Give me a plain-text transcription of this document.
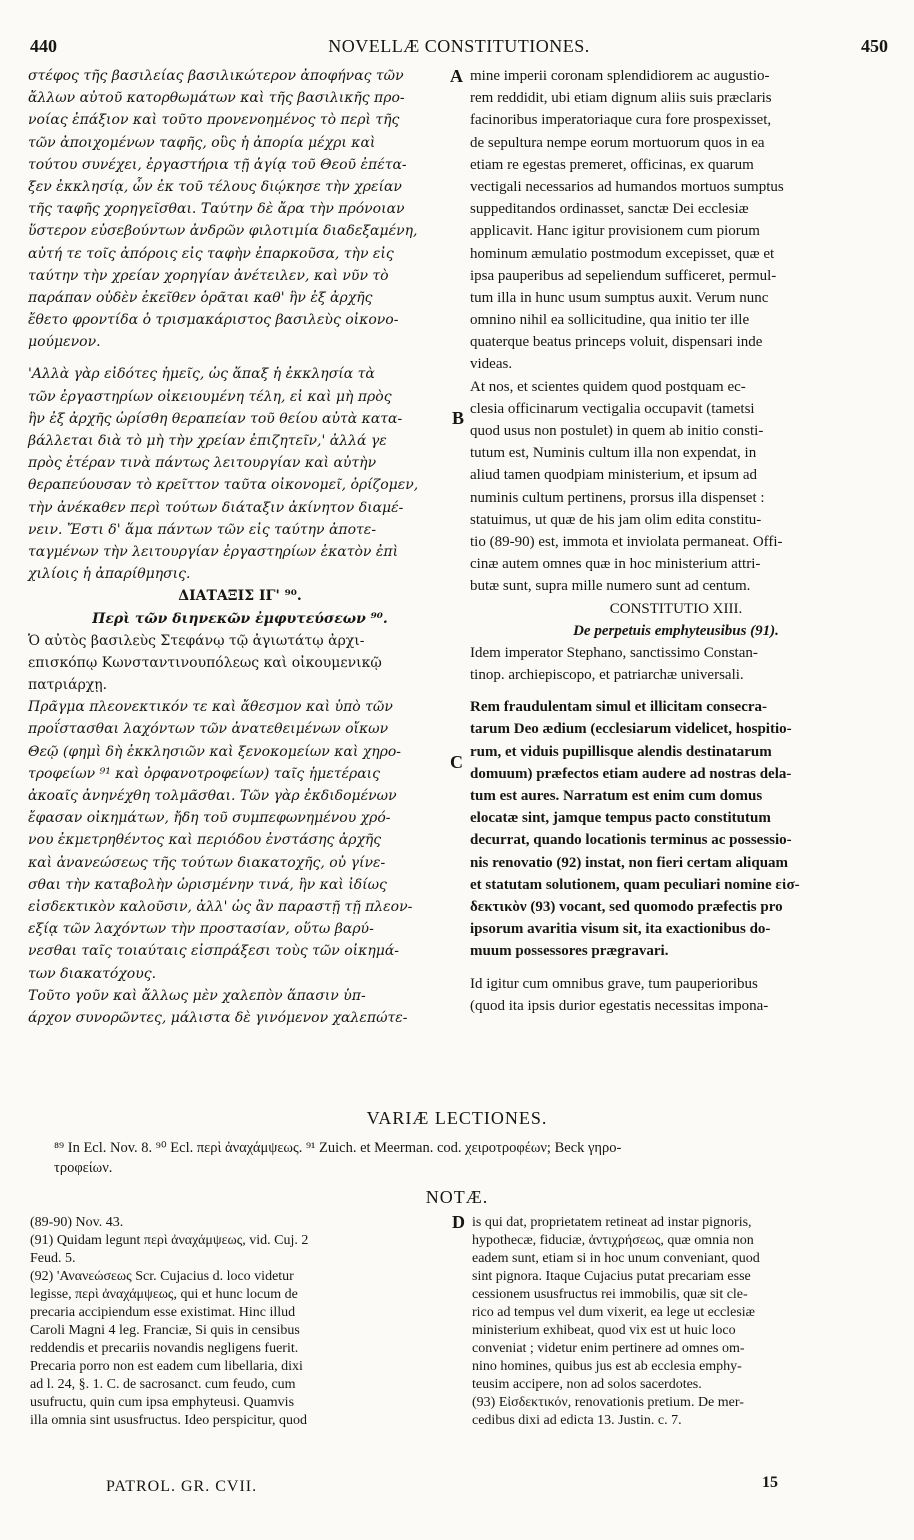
440	NOVELLÆ CONSTITUTIONES.	450
A
B
C
D
στέφος τῆς βασιλείας βασιλικώτερον ἀποφήνας τῶν
ἄλλων αὐτοῦ κατορθωμάτων καὶ τῆς βασιλικῆς προ-
νοίας ἐπάξιον καὶ τοῦτο προνενοημένος τὸ περὶ τῆς
τῶν ἀποιχομένων ταφῆς, οὓς ἡ ἀπορία μέχρι καὶ
τούτου συνέχει, ἐργαστήρια τῇ ἁγίᾳ τοῦ Θεοῦ ἐπέτα-
ξεν ἐκκλησίᾳ, ὧν ἐκ τοῦ τέλους διῴκησε τὴν χρείαν
τῆς ταφῆς χορηγεῖσθαι. Ταύτην δὲ ἄρα τὴν πρόνοιαν
ὕστερον εὐσεβούντων ἀνδρῶν φιλοτιμία διαδεξαμένη,
αὐτή τε τοῖς ἀπόροις εἰς ταφὴν ἐπαρκοῦσα, τὴν εἰς
ταύτην τὴν χρείαν χορηγίαν ἀνέτειλεν, καὶ νῦν τὸ
παράπαν οὐδὲν ἐκεῖθεν ὁρᾶται καθ' ἣν ἐξ ἀρχῆς
ἔθετο φροντίδα ὁ τρισμακάριστος βασιλεὺς οἰκονο-
μούμενον.
'Αλλὰ γὰρ εἰδότες ἡμεῖς, ὡς ἅπαξ ἡ ἐκκλησία τὰ
τῶν ἐργαστηρίων οἰκειουμένη τέλη, εἰ καὶ μὴ πρὸς
ἣν ἐξ ἀρχῆς ὡρίσθη θεραπείαν τοῦ θείου αὐτὰ κατα-
βάλλεται διὰ τὸ μὴ τὴν χρείαν ἐπιζητεῖν,' ἀλλά γε
πρὸς ἑτέραν τινὰ πάντως λειτουργίαν καὶ αὐτὴν
θεραπεύουσαν τὸ κρεῖττον ταῦτα οἰκονομεῖ, ὁρίζομεν,
τὴν ἀνέκαθεν περὶ τούτων διάταξιν ἀκίνητον διαμέ-
νειν. Ἔστι δ' ἅμα πάντων τῶν εἰς ταύτην ἀποτε-
ταγμένων τὴν λειτουργίαν ἐργαστηρίων ἑκατὸν ἐπὶ
χιλίοις ἡ ἀπαρίθμησις.
ΔΙΑΤΑΞΙΣ ΙΓ' ⁹⁰.
Περὶ τῶν διηνεκῶν ἐμφυτεύσεων ⁹⁰.
Ὁ αὐτὸς βασιλεὺς Στεφάνῳ τῷ ἁγιωτάτῳ ἀρχι-
επισκόπῳ Κωνσταντινουπόλεως καὶ οἰκουμενικῷ
πατριάρχῃ.
Πρᾶγμα πλεονεκτικόν τε καὶ ἄθεσμον καὶ ὑπὸ τῶν
προΐστασθαι λαχόντων τῶν ἀνατεθειμένων οἴκων
Θεῷ (φημὶ δὴ ἐκκλησιῶν καὶ ξενοκομείων καὶ χηρο-
τροφείων ⁹¹ καὶ ὀρφανοτροφείων) ταῖς ἡμετέραις
ἀκοαῖς ἀνηνέχθη τολμᾶσθαι. Τῶν γὰρ ἐκδιδομένων
ἔφασαν οἰκημάτων, ἤδη τοῦ συμπεφωνημένου χρό-
νου ἐκμετρηθέντος καὶ περιόδου ἐνστάσης ἀρχῆς
καὶ ἀνανεώσεως τῆς τούτων διακατοχῆς, οὐ γίνε-
σθαι τὴν καταβολὴν ὡρισμένην τινά, ἣν καὶ ἰδίως
εἰσδεκτικὸν καλοῦσιν, ἀλλ' ὡς ἂν παραστῇ τῇ πλεον-
εξίᾳ τῶν λαχόντων τὴν προστασίαν, οὕτω βαρύ-
νεσθαι ταῖς τοιαύταις εἰσπράξεσι τοὺς τῶν οἰκημά-
των διακατόχους.
Τοῦτο γοῦν καὶ ἄλλως μὲν χαλεπὸν ἅπασιν ὑπ-
άρχον συνορῶντες, μάλιστα δὲ γινόμενον χαλεπώτε-
mine imperii coronam splendidiorem ac augustio-
rem reddidit, ubi etiam dignum aliis suis præclaris
facinoribus imperatoriaque cura fore prospexisset,
de sepultura nempe eorum mortuorum quos in ea
etiam re egestas premeret, officinas, ex quarum
vectigali necessarios ad humandos mortuos sumptus
suppeditandos ordinasset, sanctæ Dei ecclesiæ
applicavit. Hanc igitur provisionem cum piorum
hominum æmulatio postmodum excepisset, quæ et
ipsa pauperibus ad sepeliendum sufficeret, permul-
tum illa in hunc usum sumptus auxit. Verum nunc
omnino nihil ea sollicitudine, qua initio ter ille
quaterque beatus princeps voluit, dispensari inde
videas.
At nos, et scientes quidem quod postquam ec-
clesia officinarum vectigalia occupavit (tametsi
quod usus non postulet) in quem ab initio consti-
tutum est, Numinis cultum illa non expendat, in
aliud tamen quodpiam ministerium, et ipsum ad
numinis cultum pertinens, prorsus illa dispenset :
statuimus, ut quæ de his jam olim edita constitu-
tio (89-90) est, immota et inviolata permaneat. Offi-
cinæ autem omnes quæ in hoc ministerium attri-
butæ sunt, supra mille numero sunt ad centum.
CONSTITUTIO XIII.
De perpetuis emphyteusibus (91).
Idem imperator Stephano, sanctissimo Constan-
tinop. archiepiscopo, et patriarchæ universali.
Rem fraudulentam simul et illicitam consecra-
tarum Deo ædium (ecclesiarum videlicet, hospitio-
rum, et viduis pupillisque alendis destinatarum
domuum) præfectos etiam audere ad nostras dela-
tum est aures. Narratum est enim cum domus
elocatæ sint, jamque tempus pacto constitutum
decurrat, quando locationis terminus ac possessio-
nis renovatio (92) instat, non fieri certam aliquam
et statutam solutionem, quam peculiari nomine εἰσ-
δεκτικὸν (93) vocant, sed quomodo præfectis pro
ipsorum avaritia visum sit, ita exactionibus do-
muum possessores prægravari.
Id igitur cum omnibus grave, tum pauperioribus
(quod ita ipsis durior egestatis necessitas impona-
VARIÆ LECTIONES.
⁸⁹ In Ecl. Nov. 8. ⁹⁰ Ecl. περὶ ἀναχάμψεως. ⁹¹ Zuich. et Meerman. cod. χειροτροφέων; Beck γηρο-
τροφείων.
NOTÆ.
(89-90) Nov. 43.
(91) Quidam legunt περὶ ἀναχάμψεως, vid. Cuj. 2
Feud. 5.
(92) 'Ανανεώσεως Scr. Cujacius d. loco videtur
legisse, περὶ ἀναχάμψεως, qui et hunc locum de
precaria accipiendum esse existimat. Hinc illud
Caroli Magni 4 leg. Franciæ, Si quis in censibus
reddendis et precariis novandis negligens fuerit.
Precaria porro non est eadem cum libellaria, dixi
ad l. 24, §. 1. C. de sacrosanct. cum feudo, cum
usufructu, quin cum ipsa emphyteusi. Quamvis
illa omnia sint ususfructus. Ideo perspicitur, quod
is qui dat, proprietatem retineat ad instar pignoris,
hypothecæ, fiduciæ, ἀντιχρήσεως, quæ omnia non
eadem sunt, etiam si in hoc unum conveniant, quod
sint pignora. Itaque Cujacius putat precariam esse
cessionem ususfructus rei immobilis, quæ sit cle-
rico ad tempus vel dum vixerit, ea lege ut ecclesiæ
ministerium exhibeat, quod vix est ut huic loco
conveniat ; videtur enim pertinere ad omnes om-
nino homines, quibus jus est ab ecclesia emphy-
teusim accipere, non ad solos sacerdotes.
(93) Εἰσδεκτικόν, renovationis pretium. De mer-
cedibus dixi ad edicta 13. Justin. c. 7.
PATROL. GR. CVII.	15
